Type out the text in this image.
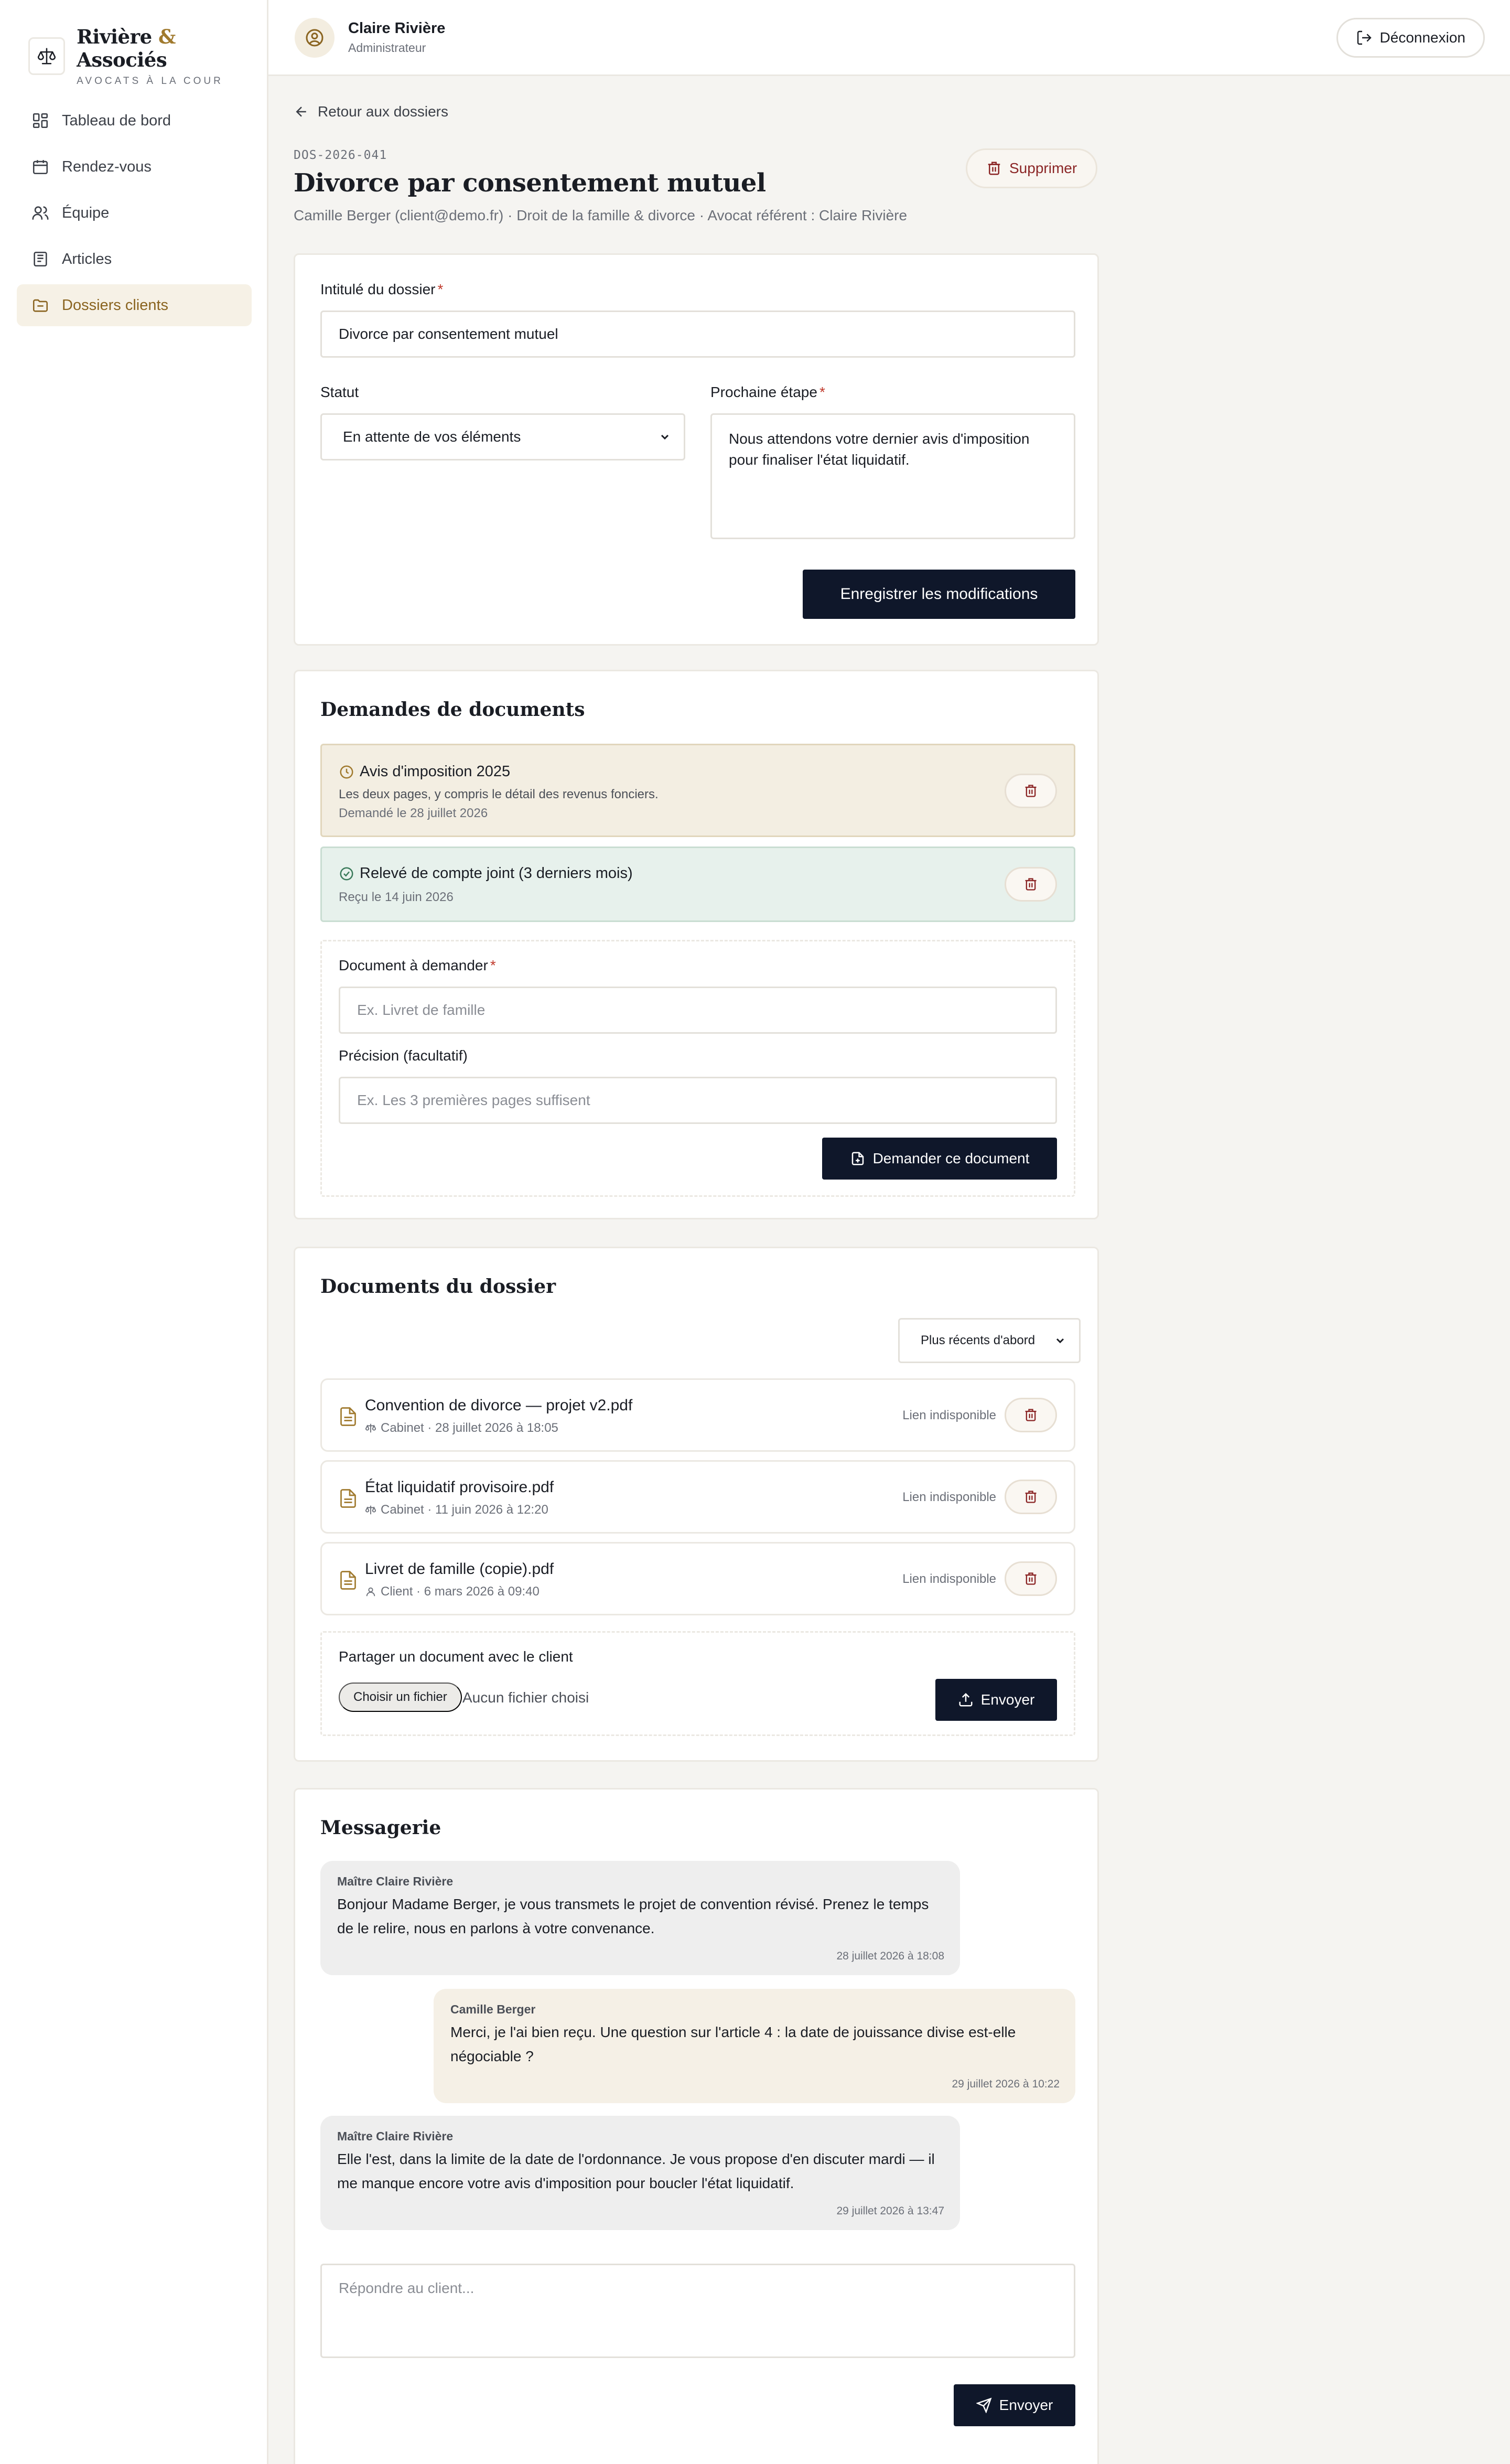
Rivière & Associés
AVOCATS À LA COUR
Tableau de bord
Rendez-vous
Équipe
Articles
Dossiers clients
Claire Rivière
Administrateur
Déconnexion
Retour aux dossiers
DOS-2026-041
Divorce par consentement mutuel
Camille Berger (client@demo.fr) · Droit de la famille & divorce · Avocat référent : Claire Rivière
Supprimer
Intitulé du dossier *
Divorce par consentement mutuel
Statut
En attente de vos éléments
Prochaine étape *
Nous attendons votre dernier avis d'imposition pour finaliser l'état liquidatif.
Enregistrer les modifications
Demandes de documents
Avis d'imposition 2025
Les deux pages, y compris le détail des revenus fonciers.
Demandé le 28 juillet 2026
Relevé de compte joint (3 derniers mois)
Reçu le 14 juin 2026
Document à demander *
Ex. Livret de famille
Précision (facultatif)
Ex. Les 3 premières pages suffisent
Demander ce document
Documents du dossier
Plus récents d'abord
Convention de divorce — projet v2.pdf
Cabinet · 28 juillet 2026 à 18:05
Lien indisponible
État liquidatif provisoire.pdf
Cabinet · 11 juin 2026 à 12:20
Lien indisponible
Livret de famille (copie).pdf
Client · 6 mars 2026 à 09:40
Lien indisponible
Partager un document avec le client
Choisir un fichier	Aucun fichier choisi	Envoyer
Messagerie
Maître Claire Rivière
Bonjour Madame Berger, je vous transmets le projet de convention révisé. Prenez le temps de le relire, nous en parlons à votre convenance.
28 juillet 2026 à 18:08
Camille Berger
Merci, je l'ai bien reçu. Une question sur l'article 4 : la date de jouissance divise est-elle négociable ?
29 juillet 2026 à 10:22
Maître Claire Rivière
Elle l'est, dans la limite de la date de l'ordonnance. Je vous propose d'en discuter mardi — il me manque encore votre avis d'imposition pour boucler l'état liquidatif.
29 juillet 2026 à 13:47
Répondre au client...
Envoyer
